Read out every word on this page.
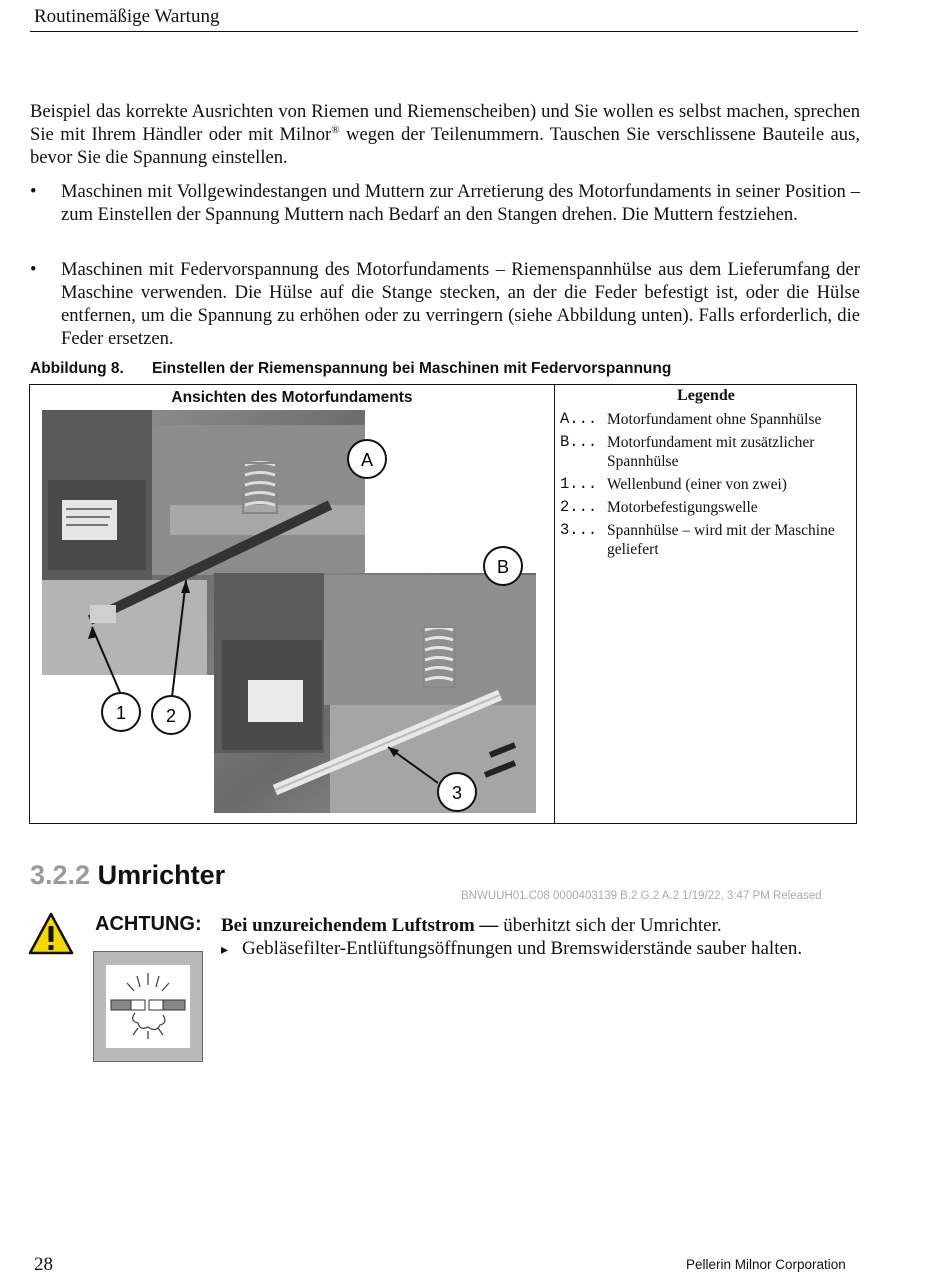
Routinemäßige Wartung
Beispiel das korrekte Ausrichten von Riemen und Riemenscheiben) und Sie wollen es selbst machen, sprechen Sie mit Ihrem Händler oder mit Milnor® wegen der Teilenummern. Tauschen Sie verschlissene Bauteile aus, bevor Sie die Spannung einstellen.
• Maschinen mit Vollgewindestangen und Muttern zur Arretierung des Motorfundaments in seiner Position – zum Einstellen der Spannung Muttern nach Bedarf an den Stangen drehen. Die Muttern festziehen.
• Maschinen mit Federvorspannung des Motorfundaments – Riemenspannhülse aus dem Lieferumfang der Maschine verwenden. Die Hülse auf die Stange stecken, an der die Feder befestigt ist, oder die Hülse entfernen, um die Spannung zu erhöhen oder zu verringern (siehe Abbildung unten). Falls erforderlich, die Feder ersetzen.
Abbildung 8. Einstellen der Riemenspannung bei Maschinen mit Federvorspannung
Ansichten des Motorfundaments
A
B
1 2
3
Legende
A... Motorfundament ohne Spannhülse
B... Motorfundament mit zusätzlicher Spannhülse
1... Wellenbund (einer von zwei)
2... Motorbefestigungswelle
3... Spannhülse – wird mit der Maschine geliefert
3.2.2 Umrichter
BNWUUH01.C08 0000403139 B.2 G.2 A.2 1/19/22, 3:47 PM Released
ACHTUNG: Bei unzureichendem Luftstrom — überhitzt sich der Umrichter.
▸ Gebläsefilter-Entlüftungsöffnungen und Bremswiderstände sauber halten.
28	Pellerin Milnor Corporation
